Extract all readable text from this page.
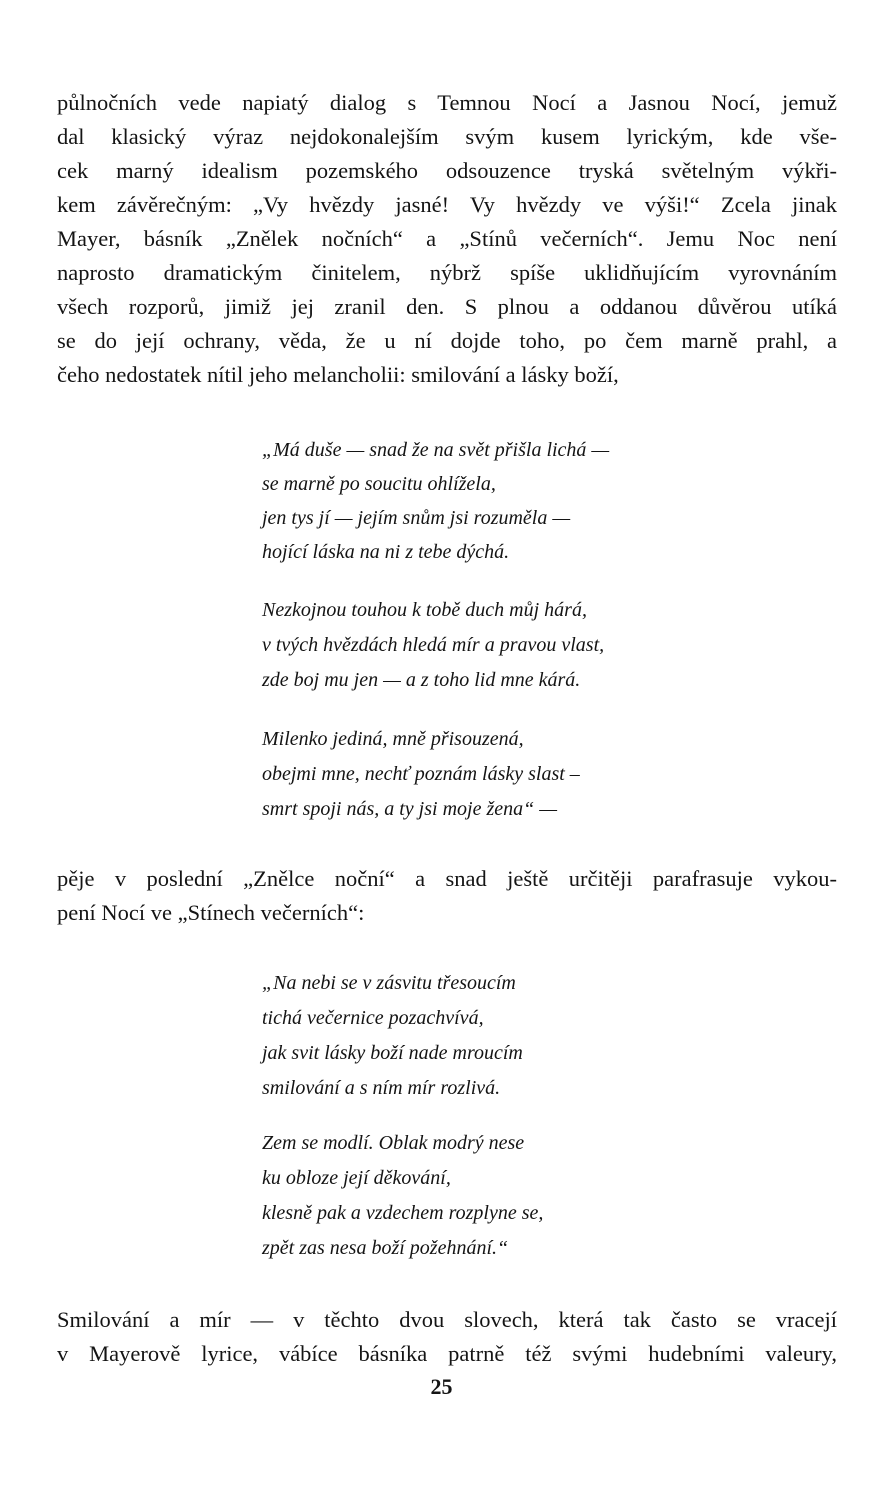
půlnočních vede napiatý dialog s Temnou Nocí a Jasnou Nocí, jemuž
dal klasický výraz nejdokonalejším svým kusem lyrickým, kde vše-
cek marný idealism pozemského odsouzence tryská světelným výkři-
kem závěrečným: „Vy hvězdy jasné! Vy hvězdy ve výši!“ Zcela jinak
Mayer, básník „Znělek nočních“ a „Stínů večerních“. Jemu Noc není
naprosto dramatickým činitelem, nýbrž spíše uklidňujícím vyrovnáním
všech rozporů, jimiž jej zranil den. S plnou a oddanou důvěrou utíká
se do její ochrany, věda, že u ní dojde toho, po čem marně prahl, a
čeho nedostatek nítil jeho melancholii: smilování a lásky boží,
„Má duše — snad že na svět přišla lichá —
se marně po soucitu ohlížela,
jen tys jí — jejím snům jsi rozuměla —
hojící láska na ni z tebe dýchá.
Nezkojnou touhou k tobě duch můj hárá,
v tvých hvězdách hledá mír a pravou vlast,
zde boj mu jen — a z toho lid mne kárá.
Milenko jediná, mně přisouzená,
obejmi mne, nechť poznám lásky slast –
smrt spoji nás, a ty jsi moje žena“ —
pěje v poslední „Znělce noční“ a snad ještě určitěji parafrasuje vykou-
pení Nocí ve „Stínech večerních“:
„Na nebi se v zásvitu třesoucím
tichá večernice pozachvívá,
jak svit lásky boží nade mroucím
smilování a s ním mír rozlivá.
Zem se modlí. Oblak modrý nese
ku obloze její děkování,
klesně pak a vzdechem rozplyne se,
zpět zas nesa boží požehnání.“
Smilování a mír — v těchto dvou slovech, která tak často se vracejí
v Mayerově lyrice, vábíce básníka patrně též svými hudebními valeury,
25
